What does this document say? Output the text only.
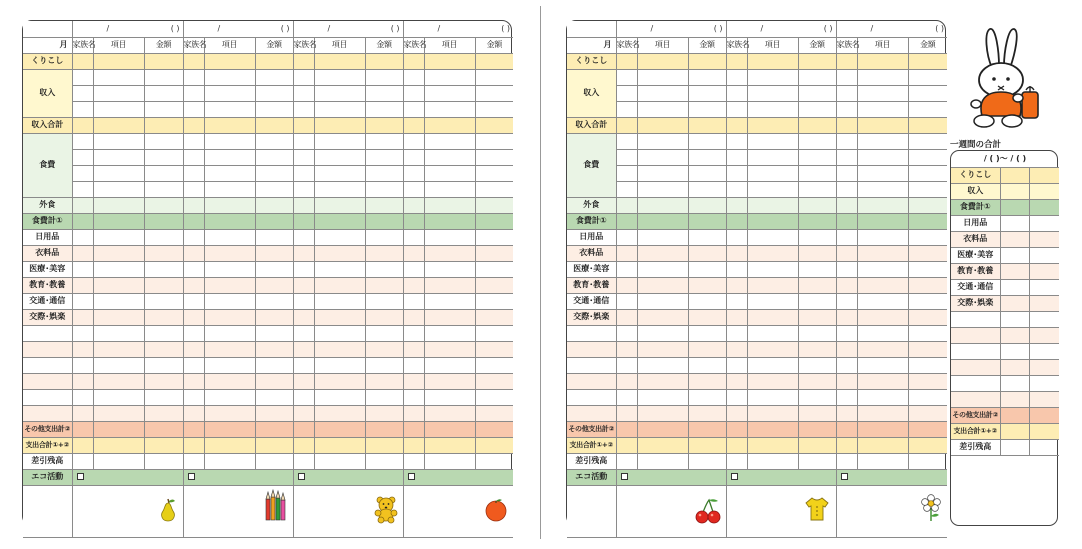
	/ ( )			/ ( )			/ ( )			/ ( )		

月	家族名	項目	金額	家族名	項目	金額	家族名	項目	金額	家族名	項目	金額
くりこし												
収入												

収入合計												
食費												

外食												
食費計①												
日用品												
衣料品												
医療･美容												
教育･教養												
交通･通信												
交際･娯楽												

その他支出計②												
支出合計①+②												
差引残高												
エコ活動												

	/ ( )			/ ( )			/ ( )		

月	家族名	項目	金額	家族名	項目	金額	家族名	項目	金額
くりこし									
収入									

収入合計									
食費									

外食									
食費計①									
日用品									
衣料品									
医療･美容									
教育･教養									
交通･通信									
交際･娯楽									

その他支出計②									
支出合計①+②									
差引残高									
エコ活動									

一週間の合計
/ ( )～ / ( )		
くりこし		
収入		
食費計①		
日用品		
衣料品		
医療･美容		
教育･教養		
交通･通信		
交際･娯楽		

その他支出計②		
支出合計①+②		
差引残高		
